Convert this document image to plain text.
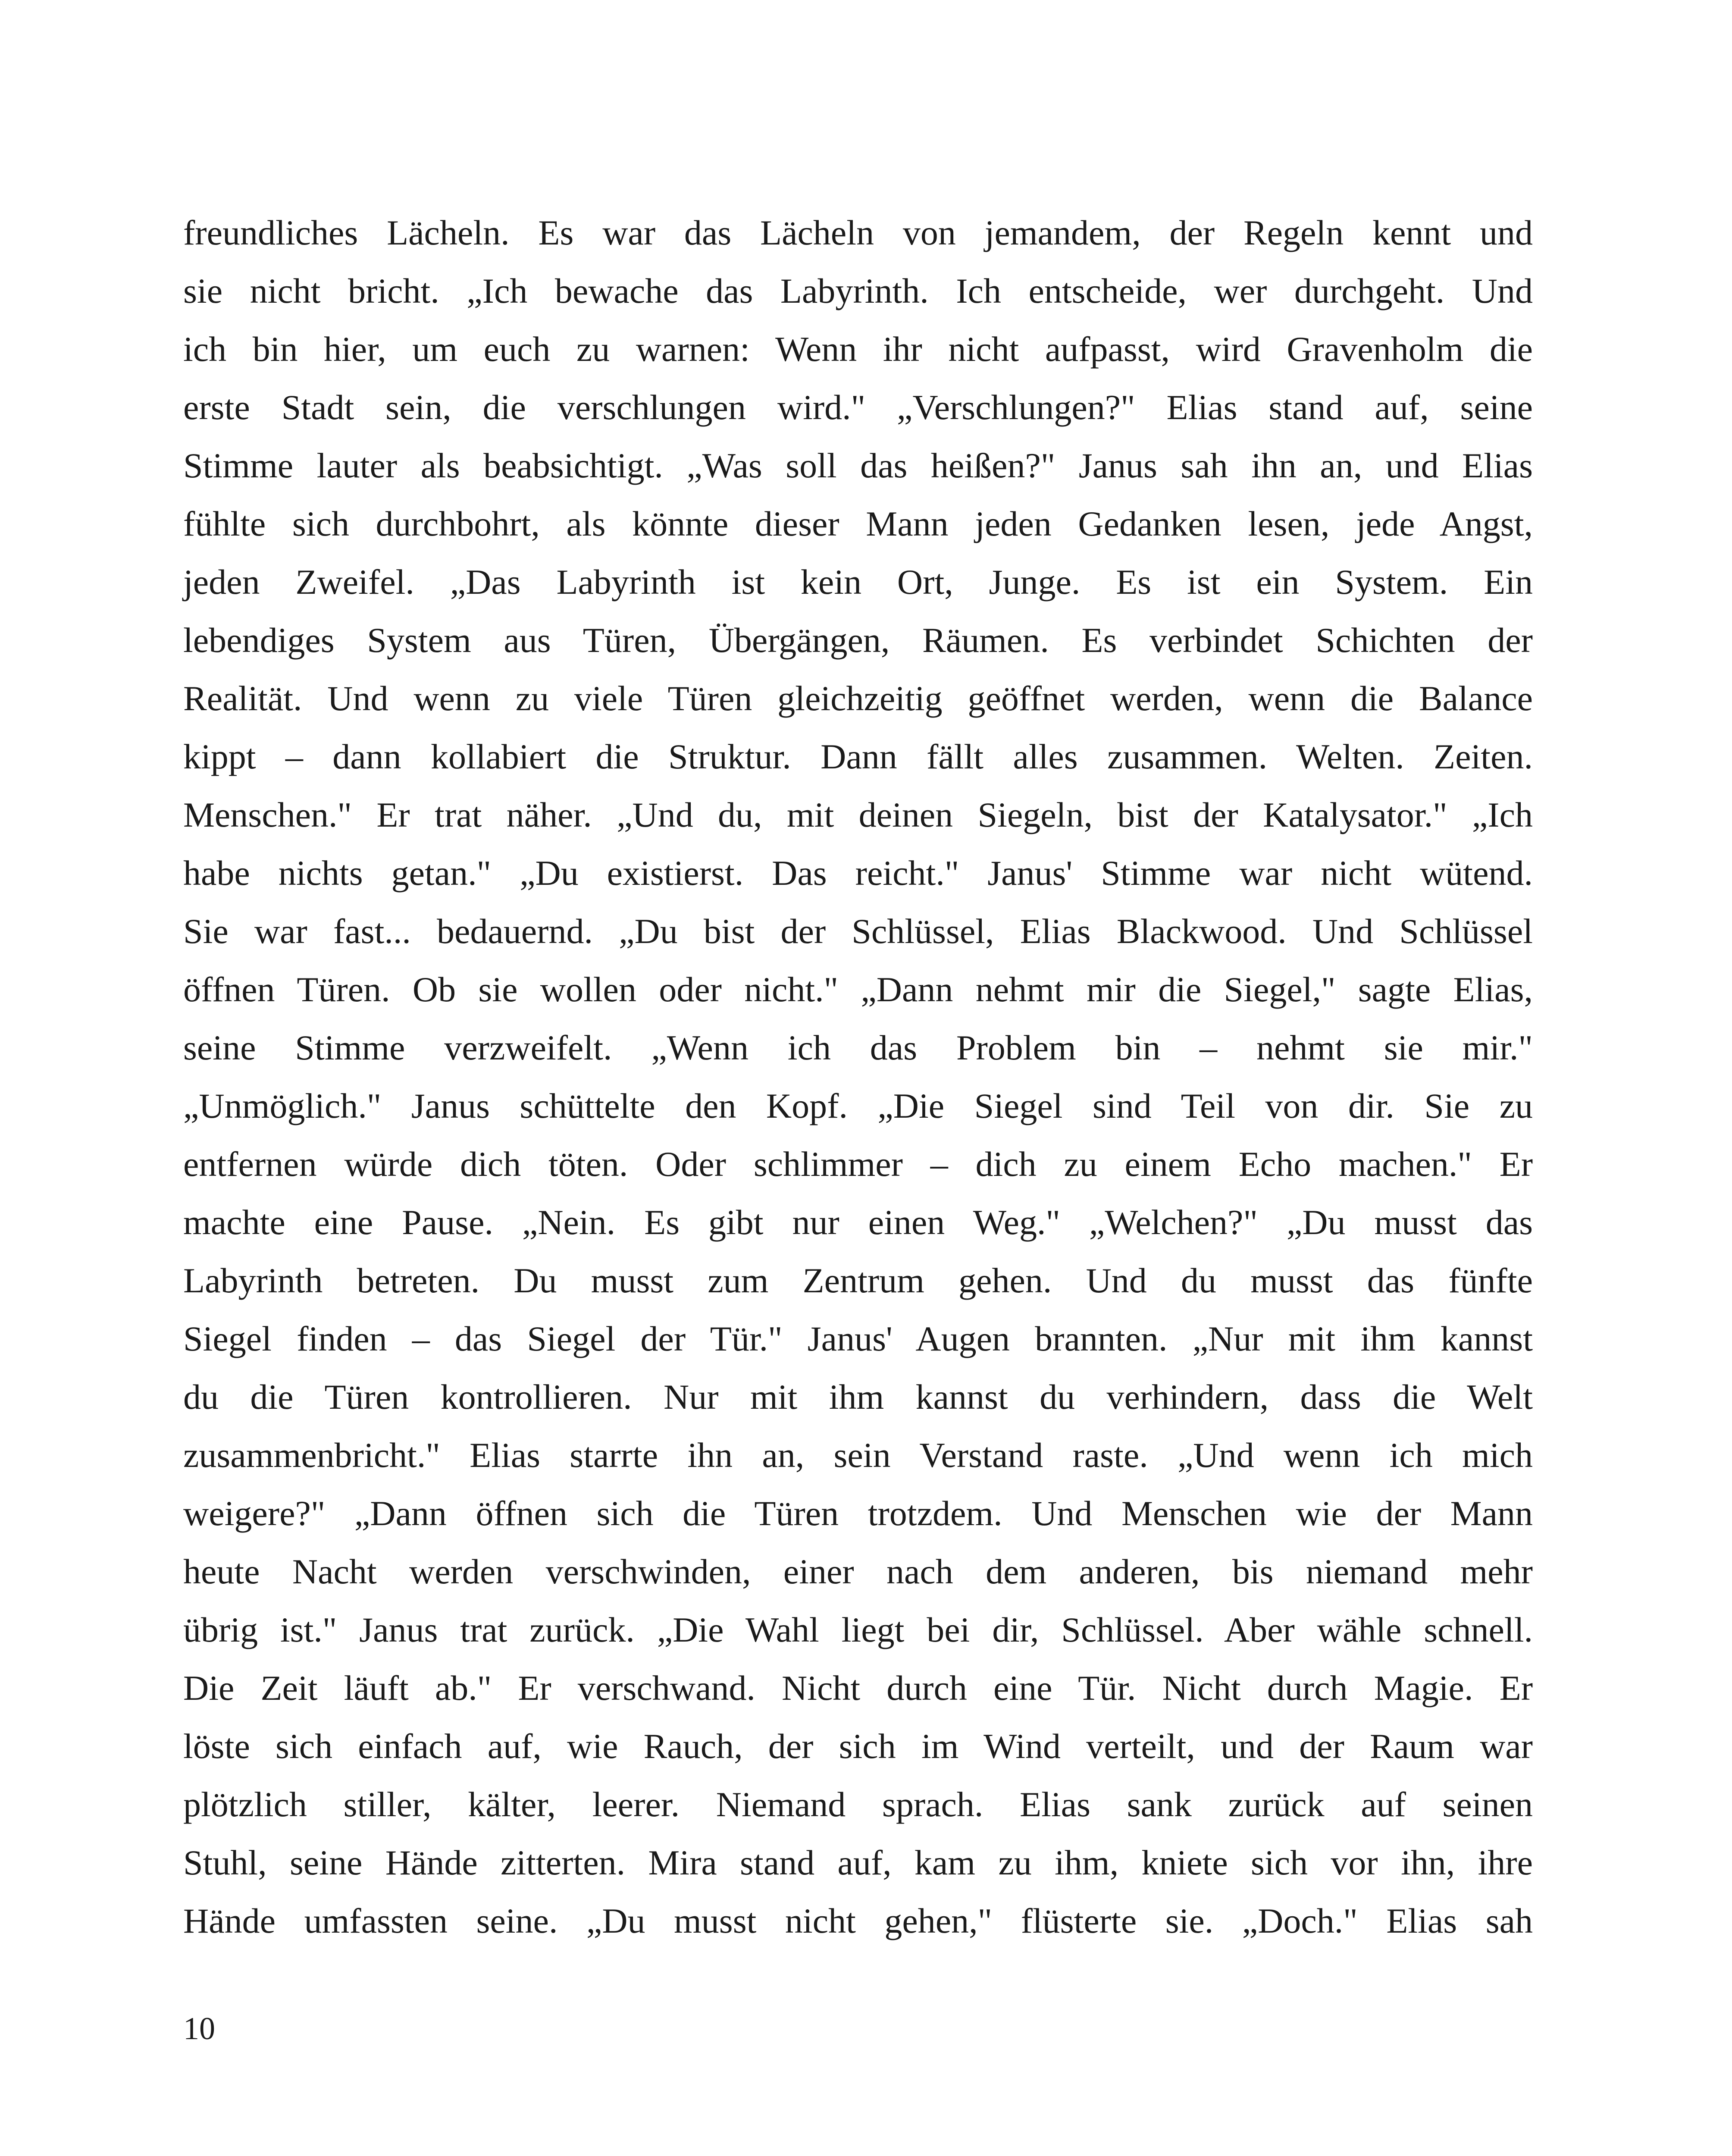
freundliches Lächeln. Es war das Lächeln von jemandem, der Regeln kennt und
sie nicht bricht. „Ich bewache das Labyrinth. Ich entscheide, wer durchgeht. Und
ich bin hier, um euch zu warnen: Wenn ihr nicht aufpasst, wird Gravenholm die
erste Stadt sein, die verschlungen wird." „Verschlungen?" Elias stand auf, seine
Stimme lauter als beabsichtigt. „Was soll das heißen?" Janus sah ihn an, und Elias
fühlte sich durchbohrt, als könnte dieser Mann jeden Gedanken lesen, jede Angst,
jeden Zweifel. „Das Labyrinth ist kein Ort, Junge. Es ist ein System. Ein
lebendiges System aus Türen, Übergängen, Räumen. Es verbindet Schichten der
Realität. Und wenn zu viele Türen gleichzeitig geöffnet werden, wenn die Balance
kippt – dann kollabiert die Struktur. Dann fällt alles zusammen. Welten. Zeiten.
Menschen." Er trat näher. „Und du, mit deinen Siegeln, bist der Katalysator." „Ich
habe nichts getan." „Du existierst. Das reicht." Janus' Stimme war nicht wütend.
Sie war fast... bedauernd. „Du bist der Schlüssel, Elias Blackwood. Und Schlüssel
öffnen Türen. Ob sie wollen oder nicht." „Dann nehmt mir die Siegel," sagte Elias,
seine Stimme verzweifelt. „Wenn ich das Problem bin – nehmt sie mir."
„Unmöglich." Janus schüttelte den Kopf. „Die Siegel sind Teil von dir. Sie zu
entfernen würde dich töten. Oder schlimmer – dich zu einem Echo machen." Er
machte eine Pause. „Nein. Es gibt nur einen Weg." „Welchen?" „Du musst das
Labyrinth betreten. Du musst zum Zentrum gehen. Und du musst das fünfte
Siegel finden – das Siegel der Tür." Janus' Augen brannten. „Nur mit ihm kannst
du die Türen kontrollieren. Nur mit ihm kannst du verhindern, dass die Welt
zusammenbricht." Elias starrte ihn an, sein Verstand raste. „Und wenn ich mich
weigere?" „Dann öffnen sich die Türen trotzdem. Und Menschen wie der Mann
heute Nacht werden verschwinden, einer nach dem anderen, bis niemand mehr
übrig ist." Janus trat zurück. „Die Wahl liegt bei dir, Schlüssel. Aber wähle schnell.
Die Zeit läuft ab." Er verschwand. Nicht durch eine Tür. Nicht durch Magie. Er
löste sich einfach auf, wie Rauch, der sich im Wind verteilt, und der Raum war
plötzlich stiller, kälter, leerer. Niemand sprach. Elias sank zurück auf seinen
Stuhl, seine Hände zitterten. Mira stand auf, kam zu ihm, kniete sich vor ihn, ihre
Hände umfassten seine. „Du musst nicht gehen," flüsterte sie. „Doch." Elias sah
10
